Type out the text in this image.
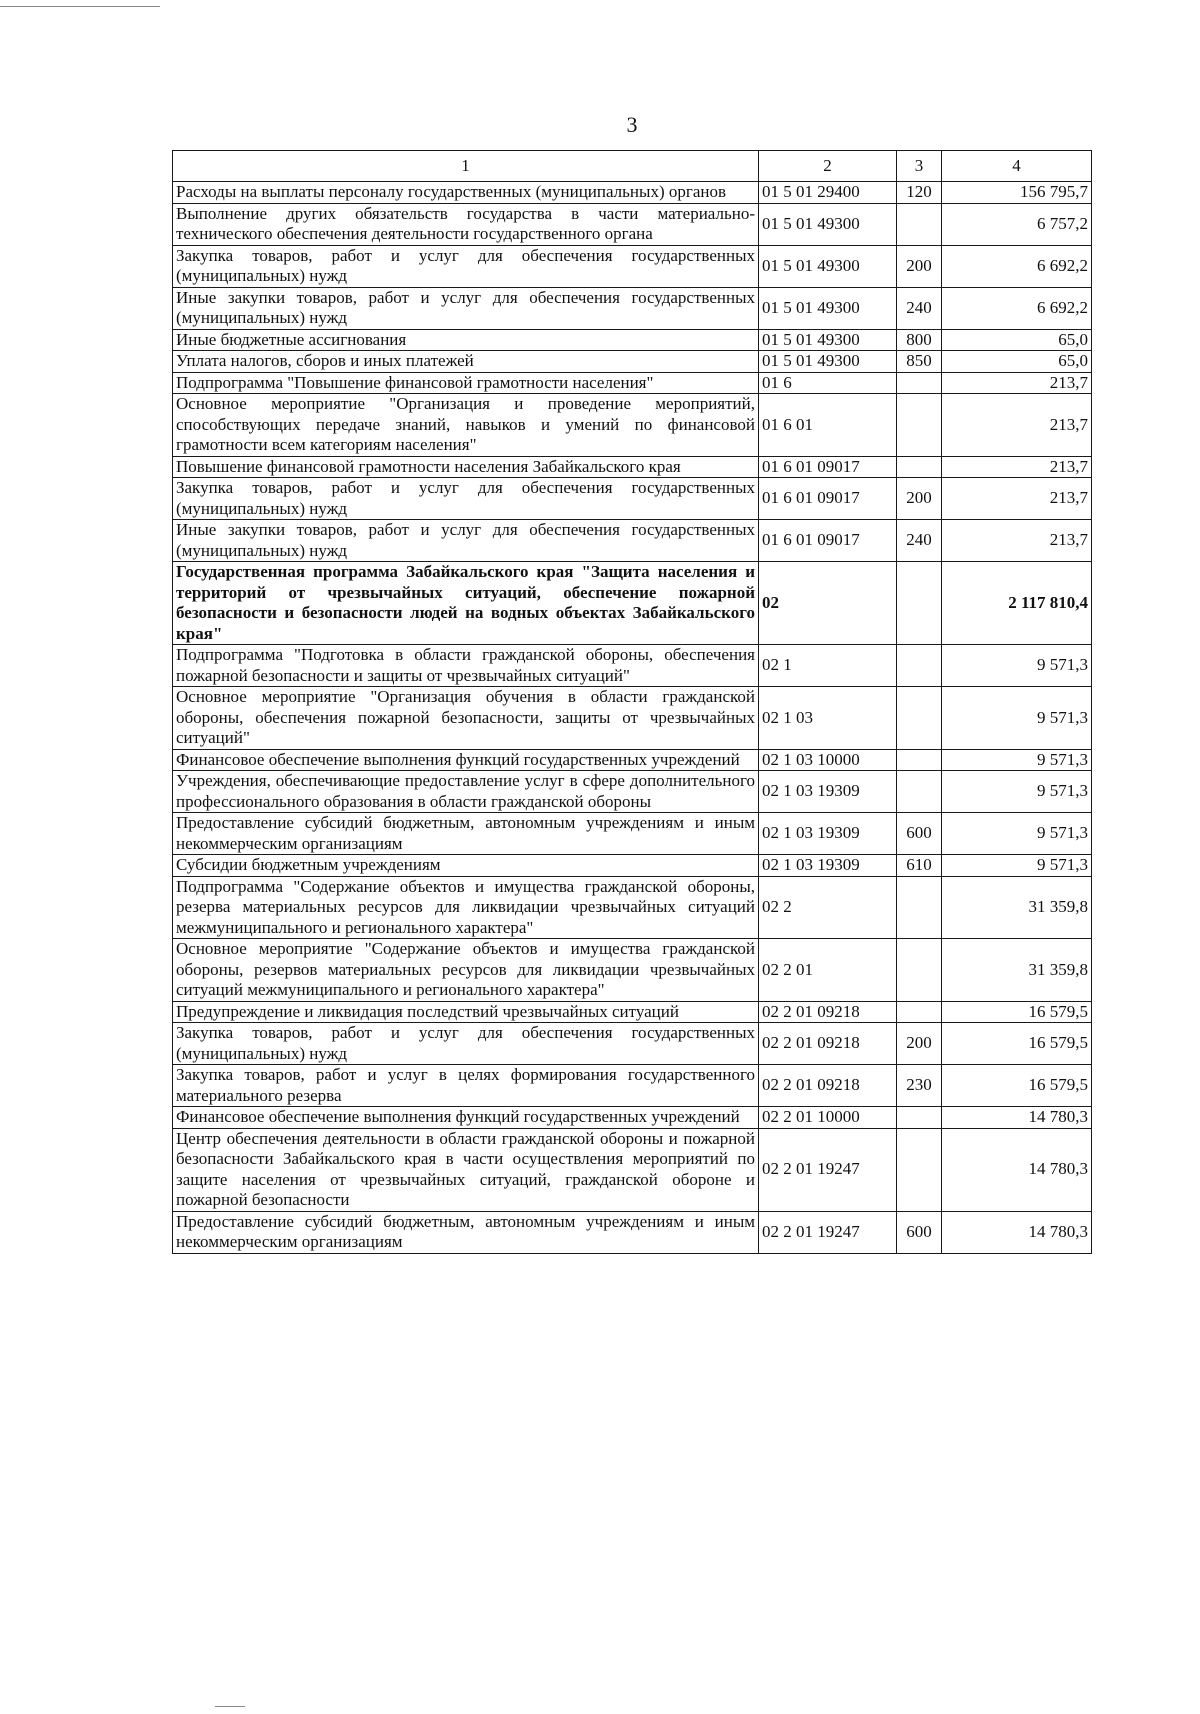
3
1	2	3	4
Расходы на выплаты персоналу государственных (муниципальных) органов	01 5 01 29400	120	156 795,7
Выполнение других обязательств государства в части материально-технического обеспечения деятельности государственного органа	01 5 01 49300		6 757,2
Закупка товаров, работ и услуг для обеспечения государственных (муниципальных) нужд	01 5 01 49300	200	6 692,2
Иные закупки товаров, работ и услуг для обеспечения государственных (муниципальных) нужд	01 5 01 49300	240	6 692,2
Иные бюджетные ассигнования	01 5 01 49300	800	65,0
Уплата налогов, сборов и иных платежей	01 5 01 49300	850	65,0
Подпрограмма "Повышение финансовой грамотности населения"	01 6		213,7
Основное мероприятие "Организация и проведение мероприятий, способствующих передаче знаний, навыков и умений по финансовой грамотности всем категориям населения"	01 6 01		213,7
Повышение финансовой грамотности населения Забайкальского края	01 6 01 09017		213,7
Закупка товаров, работ и услуг для обеспечения государственных (муниципальных) нужд	01 6 01 09017	200	213,7
Иные закупки товаров, работ и услуг для обеспечения государственных (муниципальных) нужд	01 6 01 09017	240	213,7
Государственная программа Забайкальского края "Защита населения и территорий от чрезвычайных ситуаций, обеспечение пожарной безопасности и безопасности людей на водных объектах Забайкальского края"	02		2 117 810,4
Подпрограмма "Подготовка в области гражданской обороны, обеспечения пожарной безопасности и защиты от чрезвычайных ситуаций"	02 1		9 571,3
Основное мероприятие "Организация обучения в области гражданской обороны, обеспечения пожарной безопасности, защиты от чрезвычайных ситуаций"	02 1 03		9 571,3
Финансовое обеспечение выполнения функций государственных учреждений	02 1 03 10000		9 571,3
Учреждения, обеспечивающие предоставление услуг в сфере дополнительного профессионального образования в области гражданской обороны	02 1 03 19309		9 571,3
Предоставление субсидий бюджетным, автономным учреждениям и иным некоммерческим организациям	02 1 03 19309	600	9 571,3
Субсидии бюджетным учреждениям	02 1 03 19309	610	9 571,3
Подпрограмма "Содержание объектов и имущества гражданской обороны, резерва материальных ресурсов для ликвидации чрезвычайных ситуаций межмуниципального и регионального характера"	02 2		31 359,8
Основное мероприятие "Содержание объектов и имущества гражданской обороны, резервов материальных ресурсов для ликвидации чрезвычайных ситуаций межмуниципального и регионального характера"	02 2 01		31 359,8
Предупреждение и ликвидация последствий чрезвычайных ситуаций	02 2 01 09218		16 579,5
Закупка товаров, работ и услуг для обеспечения государственных (муниципальных) нужд	02 2 01 09218	200	16 579,5
Закупка товаров, работ и услуг в целях формирования государственного материального резерва	02 2 01 09218	230	16 579,5
Финансовое обеспечение выполнения функций государственных учреждений	02 2 01 10000		14 780,3
Центр обеспечения деятельности в области гражданской обороны и пожарной безопасности Забайкальского края в части осуществления мероприятий по защите населения от чрезвычайных ситуаций, гражданской обороне и пожарной безопасности	02 2 01 19247		14 780,3
Предоставление субсидий бюджетным, автономным учреждениям и иным некоммерческим организациям	02 2 01 19247	600	14 780,3
